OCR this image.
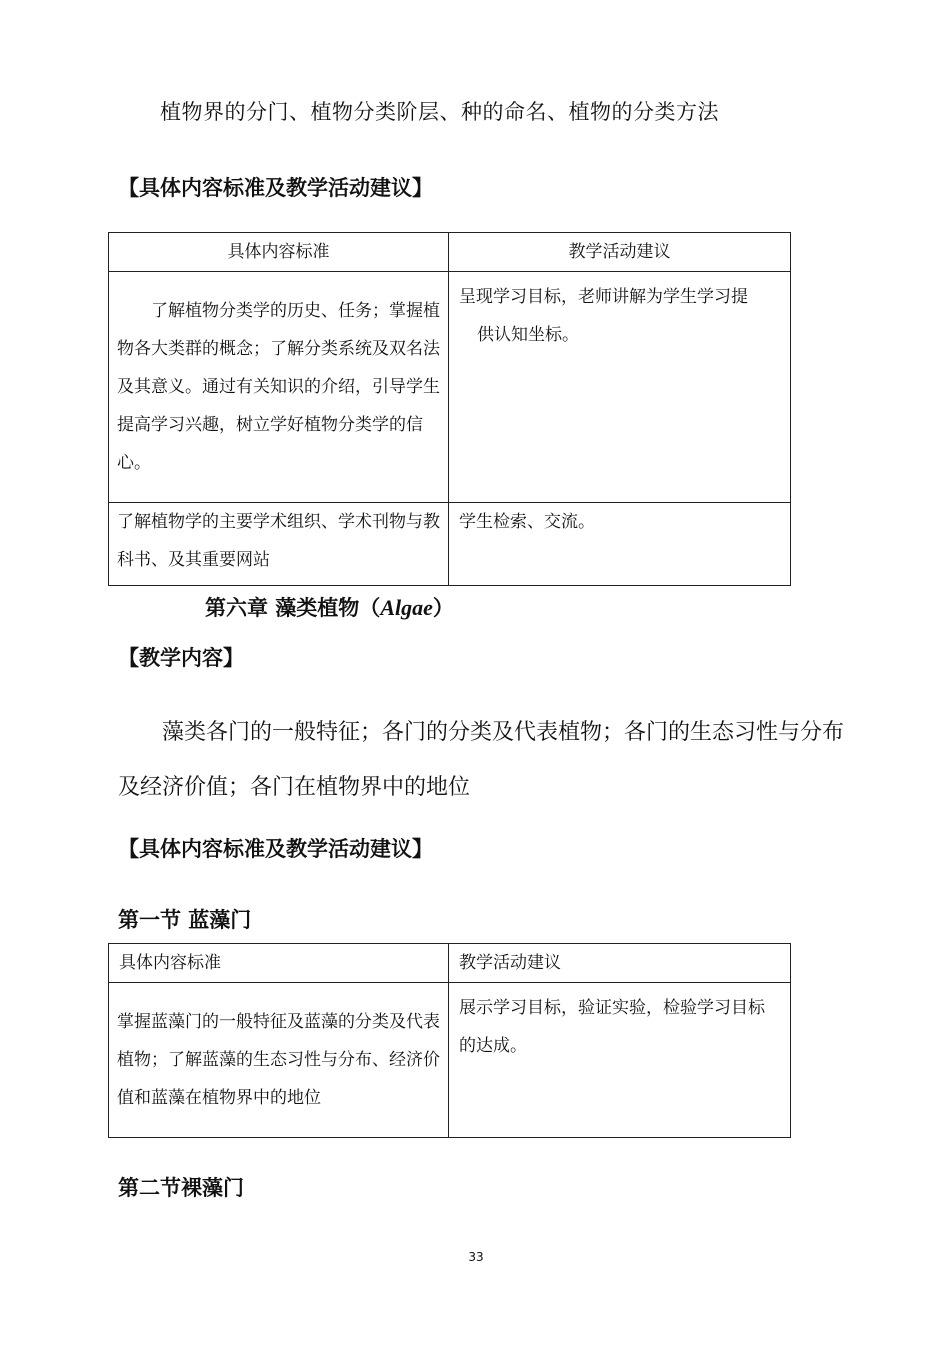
植物界的分门、植物分类阶层、种的命名、植物的分类方法
【具体内容标准及教学活动建议】
具体内容标准	教学活动建议

了解植物分类学的历史、任务；掌握植物各大类群的概念；了解分类系统及双名法及其意义。通过有关知识的介绍，引导学生提高学习兴趣，树立学好植物分类学的信心。	呈现学习目标，老师讲解为学生学习提
供认知坐标。

了解植物学的主要学术组织、学术刊物与教科书、及其重要网站	学生检索、交流。
第六章 藻类植物（Algae）
【教学内容】
藻类各门的一般特征；各门的分类及代表植物；各门的生态习性与分布及经济价值；各门在植物界中的地位
【具体内容标准及教学活动建议】
第一节 蓝藻门
具体内容标准	教学活动建议

掌握蓝藻门的一般特征及蓝藻的分类及代表植物；了解蓝藻的生态习性与分布、经济价值和蓝藻在植物界中的地位	展示学习目标，验证实验，检验学习目标的达成。
第二节裸藻门
33
